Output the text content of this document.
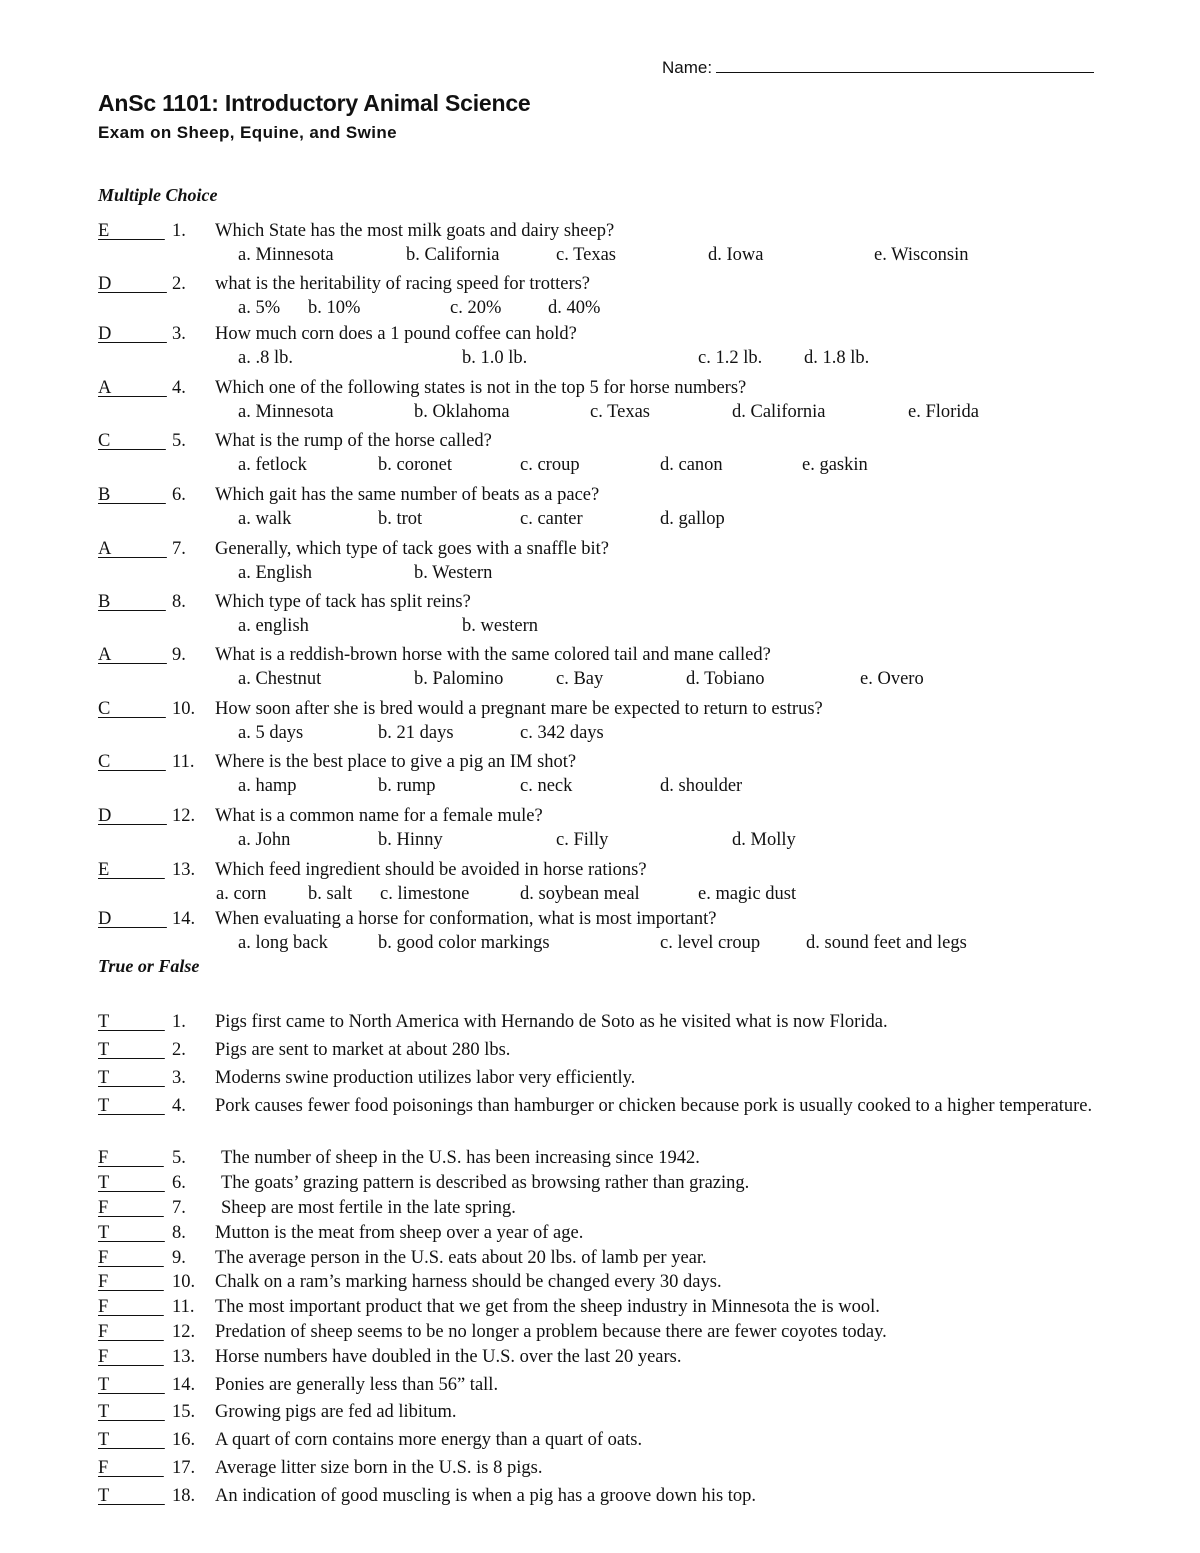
Name:
AnSc 1101: Introductory Animal Science
Exam on Sheep, Equine, and Swine
Multiple Choice
E 1.	Which State has the most milk goats and dairy sheep?
a. Minnesota	b. California	c. Texas	d. Iowa	e. Wisconsin
D 2.	what is the heritability of racing speed for trotters?
a. 5% b. 10%	c. 20%	d. 40%
D 3.	How much corn does a 1 pound coffee can hold?
a. .8 lb.	b. 1.0 lb.	c. 1.2 lb. d. 1.8 lb.
A 4.	Which one of the following states is not in the top 5 for horse numbers?
a. Minnesota	b. Oklahoma	c. Texas	d. California	e. Florida
C 5.	What is the rump of the horse called?
a. fetlock	b. coronet	c. croup	d. canon	e. gaskin
B 6.	Which gait has the same number of beats as a pace?
a. walk	b. trot	c. canter	d. gallop
A 7.	Generally, which type of tack goes with a snaffle bit?
a. English	b. Western
B 8.	Which type of tack has split reins?
a. english	b. western
A 9.	What is a reddish-brown horse with the same colored tail and mane called?
a. Chestnut	b. Palomino	c. Bay	d. Tobiano	e. Overo
C 10.	How soon after she is bred would a pregnant mare be expected to return to estrus?
a. 5 days	b. 21 days	c. 342 days
C 11.	Where is the best place to give a pig an IM shot?
a. hamp	b. rump	c. neck	d. shoulder
D 12.	What is a common name for a female mule?
a. John	b. Hinny	c. Filly	d. Molly
E 13.	Which feed ingredient should be avoided in horse rations?
a. corn b. salt c. limestone	d. soybean meal	e. magic dust
D 14.	When evaluating a horse for conformation, what is most important?
a. long back	b. good color markings	c. level croup d. sound feet and legs
True or False
T 1.	Pigs first came to North America with Hernando de Soto as he visited what is now Florida.
T 2.	Pigs are sent to market at about 280 lbs.
T 3.	Moderns swine production utilizes labor very efficiently.
T 4.	Pork causes fewer food poisonings than hamburger or chicken because pork is usually cooked to a higher temperature.
F 5.	The number of sheep in the U.S. has been increasing since 1942.
T 6.	The goats’ grazing pattern is described as browsing rather than grazing.
F 7.	Sheep are most fertile in the late spring.
T 8.	Mutton is the meat from sheep over a year of age.
F 9.	The average person in the U.S. eats about 20 lbs. of lamb per year.
F 10.	Chalk on a ram’s marking harness should be changed every 30 days.
F 11.	The most important product that we get from the sheep industry in Minnesota the is wool.
F 12.	Predation of sheep seems to be no longer a problem because there are fewer coyotes today.
F 13.	Horse numbers have doubled in the U.S. over the last 20 years.
T 14.	Ponies are generally less than 56” tall.
T 15.	Growing pigs are fed ad libitum.
T 16.	A quart of corn contains more energy than a quart of oats.
F 17.	Average litter size born in the U.S. is 8 pigs.
T 18.	An indication of good muscling is when a pig has a groove down his top.
